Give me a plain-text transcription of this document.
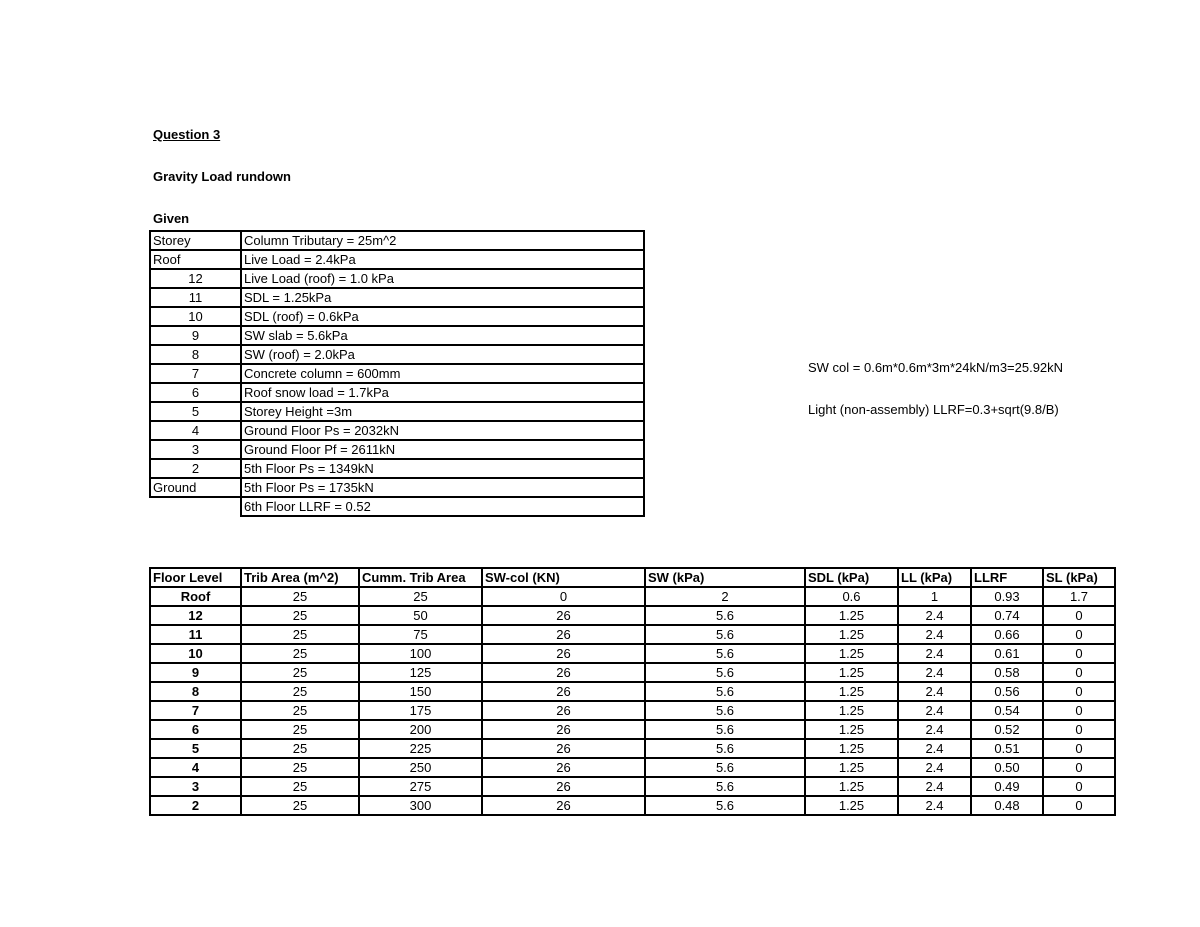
Question 3
Gravity Load rundown
Given
Storey	Column Tributary = 25m^2
Roof	Live Load = 2.4kPa
12	Live Load (roof) = 1.0 kPa
11	SDL = 1.25kPa
10	SDL (roof) = 0.6kPa
9	SW slab = 5.6kPa
8	SW (roof) = 2.0kPa
7	Concrete column = 600mm
6	Roof snow load = 1.7kPa
5	Storey Height =3m
4	Ground Floor Ps = 2032kN
3	Ground Floor Pf = 2611kN
2	5th Floor Ps = 1349kN
Ground	5th Floor Ps = 1735kN
	6th Floor LLRF = 0.52
SW col = 0.6m*0.6m*3m*24kN/m3=25.92kN
Light (non-assembly) LLRF=0.3+sqrt(9.8/B)
Floor Level	Trib Area (m^2)	Cumm. Trib Area	SW-col (KN)	SW (kPa)	SDL (kPa)	LL (kPa)	LLRF	SL (kPa)
Roof	25	25	0	2	0.6	1	0.93	1.7
12	25	50	26	5.6	1.25	2.4	0.74	0
11	25	75	26	5.6	1.25	2.4	0.66	0
10	25	100	26	5.6	1.25	2.4	0.61	0
9	25	125	26	5.6	1.25	2.4	0.58	0
8	25	150	26	5.6	1.25	2.4	0.56	0
7	25	175	26	5.6	1.25	2.4	0.54	0
6	25	200	26	5.6	1.25	2.4	0.52	0
5	25	225	26	5.6	1.25	2.4	0.51	0
4	25	250	26	5.6	1.25	2.4	0.50	0
3	25	275	26	5.6	1.25	2.4	0.49	0
2	25	300	26	5.6	1.25	2.4	0.48	0
